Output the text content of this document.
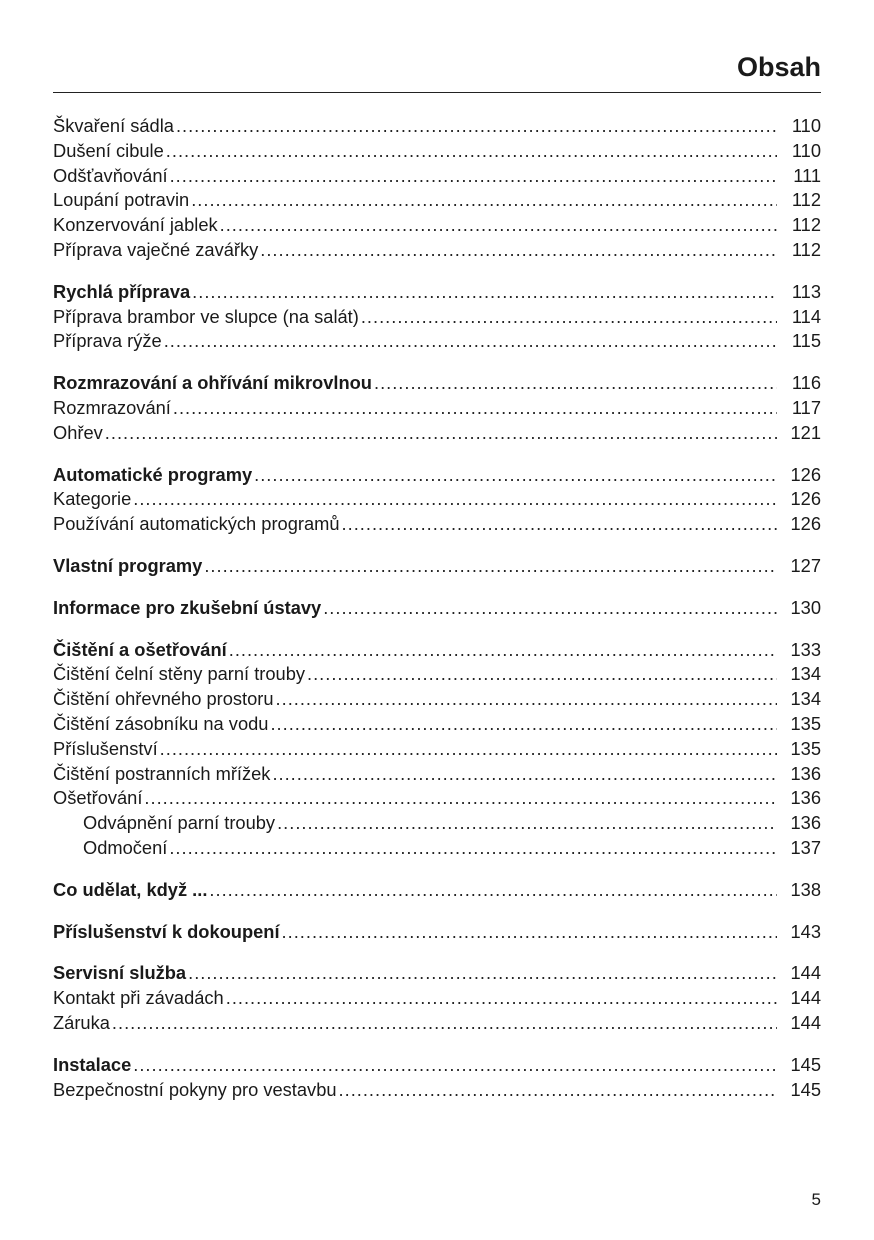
Obsah
Škvaření sádla .....	110
Dušení cibule .....	110
Odšťavňování .....	111
Loupání potravin .....	112
Konzervování jablek .....	112
Příprava vaječné zavářky .....	112
Rychlá příprava .....	113
Příprava brambor ve slupce (na salát) .....	114
Příprava rýže .....	115
Rozmrazování a ohřívání mikrovlnou .....	116
Rozmrazování .....	117
Ohřev .....	121
Automatické programy .....	126
Kategorie .....	126
Používání automatických programů .....	126
Vlastní programy .....	127
Informace pro zkušební ústavy .....	130
Čištění a ošetřování .....	133
Čištění čelní stěny parní trouby .....	134
Čištění ohřevného prostoru .....	134
Čištění zásobníku na vodu .....	135
Příslušenství .....	135
Čištění postranních mřížek .....	136
Ošetřování .....	136
Odvápnění parní trouby .....	136
Odmočení .....	137
Co udělat, když ... .....	138
Příslušenství k dokoupení .....	143
Servisní služba .....	144
Kontakt při závadách .....	144
Záruka .....	144
Instalace .....	145
Bezpečnostní pokyny pro vestavbu .....	145
5
